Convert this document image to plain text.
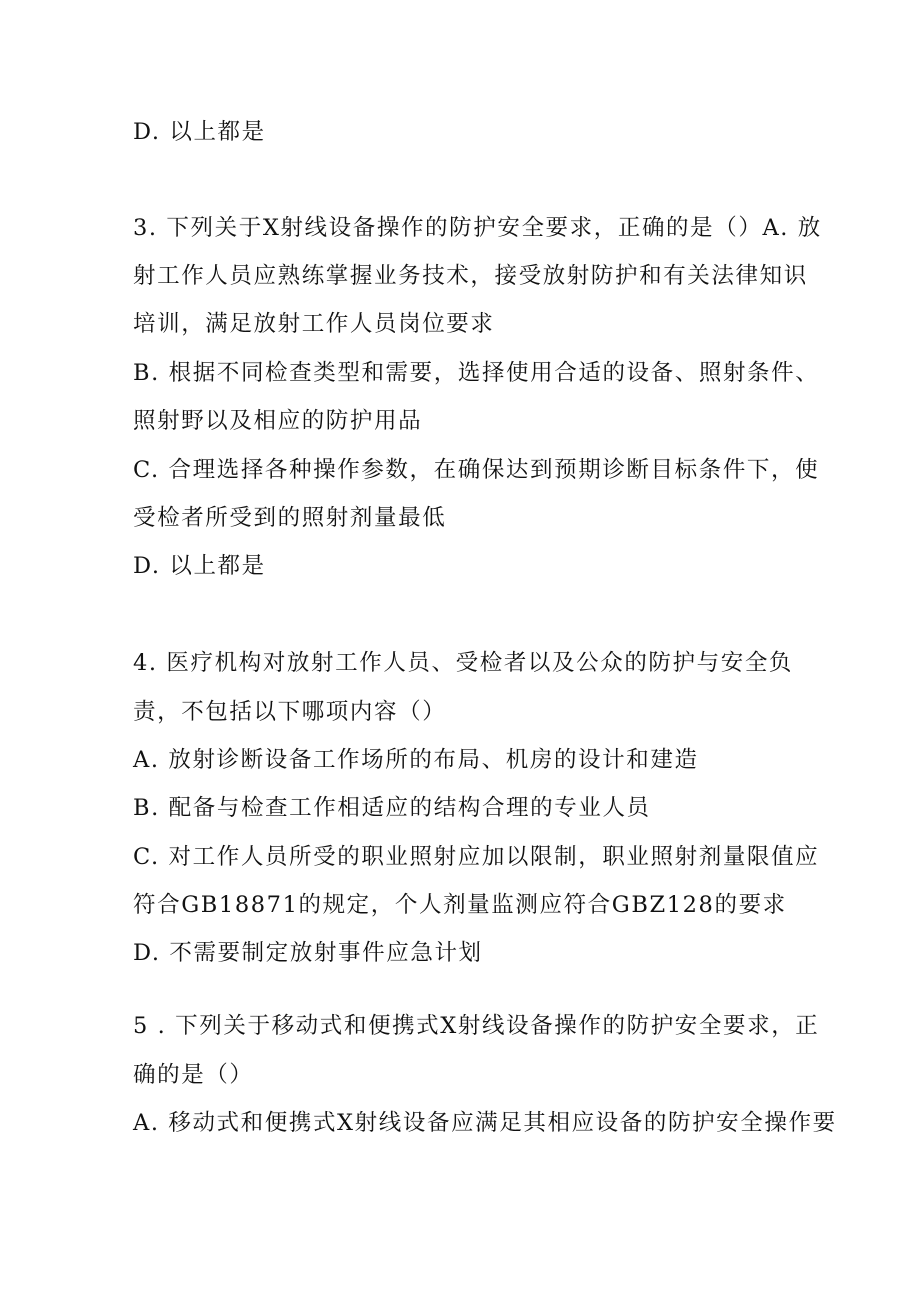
D. 以上都是
3. 下列关于X射线设备操作的防护安全要求，正确的是（）A. 放
射工作人员应熟练掌握业务技术，接受放射防护和有关法律知识
培训，满足放射工作人员岗位要求
B. 根据不同检查类型和需要，选择使用合适的设备、照射条件、
照射野以及相应的防护用品
C. 合理选择各种操作参数，在确保达到预期诊断目标条件下，使
受检者所受到的照射剂量最低
D. 以上都是
4. 医疗机构对放射工作人员、受检者以及公众的防护与安全负
责，不包括以下哪项内容（）
A. 放射诊断设备工作场所的布局、机房的设计和建造
B. 配备与检查工作相适应的结构合理的专业人员
C. 对工作人员所受的职业照射应加以限制，职业照射剂量限值应
符合GB18871的规定，个人剂量监测应符合GBZ128的要求
D. 不需要制定放射事件应急计划
5 . 下列关于移动式和便携式X射线设备操作的防护安全要求，正
确的是（）
A. 移动式和便携式X射线设备应满足其相应设备的防护安全操作要
